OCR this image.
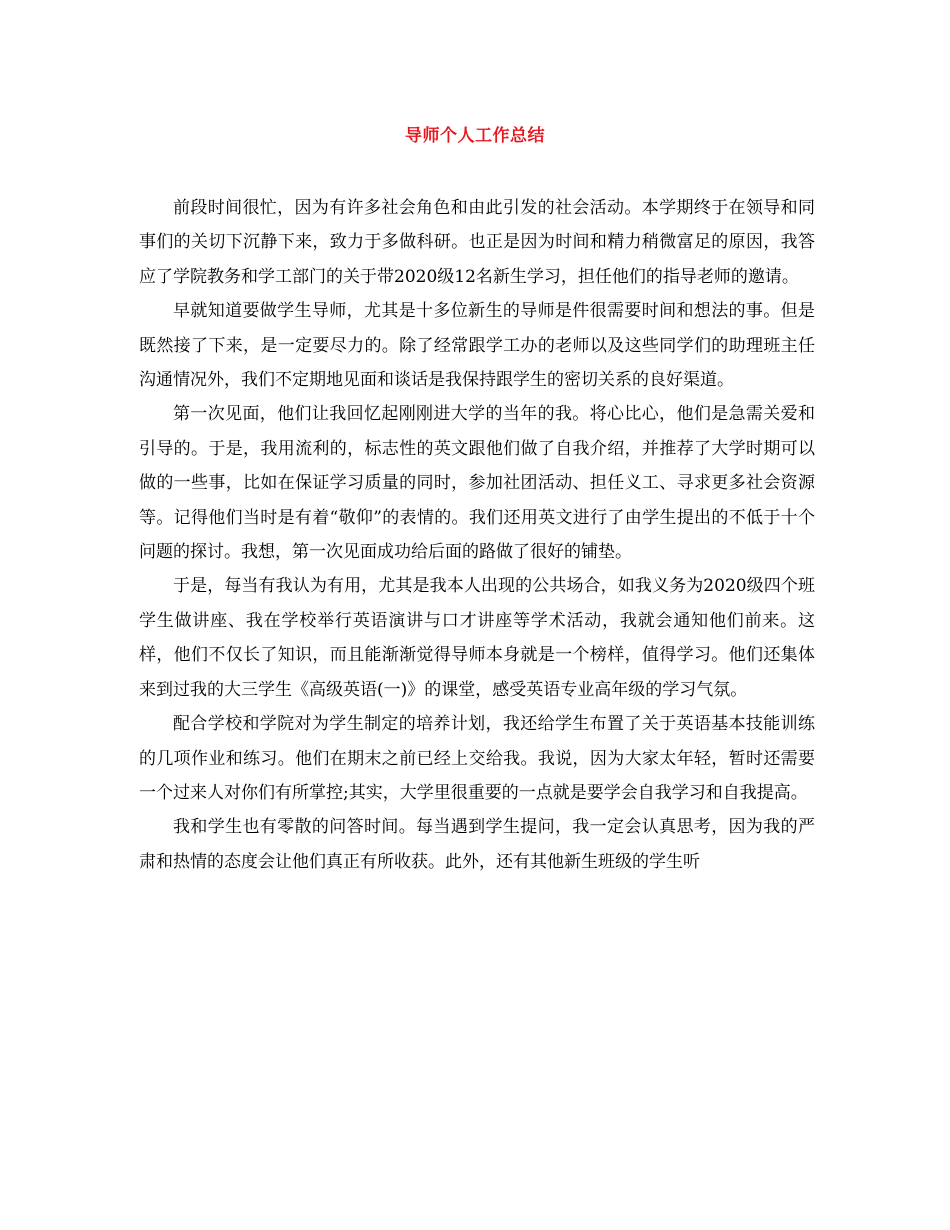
导师个人工作总结

前段时间很忙，因为有许多社会角色和由此引发的社会活动。本学期终于在领导和同事们的关切下沉静下来，致力于多做科研。也正是因为时间和精力稍微富足的原因，我答应了学院教务和学工部门的关于带2020级12名新生学习，担任他们的指导老师的邀请。

早就知道要做学生导师，尤其是十多位新生的导师是件很需要时间和想法的事。但是既然接了下来，是一定要尽力的。除了经常跟学工办的老师以及这些同学们的助理班主任沟通情况外，我们不定期地见面和谈话是我保持跟学生的密切关系的良好渠道。

第一次见面，他们让我回忆起刚刚进大学的当年的我。将心比心，他们是急需关爱和引导的。于是，我用流利的，标志性的英文跟他们做了自我介绍，并推荐了大学时期可以做的一些事，比如在保证学习质量的同时，参加社团活动、担任义工、寻求更多社会资源等。记得他们当时是有着“敬仰”的表情的。我们还用英文进行了由学生提出的不低于十个问题的探讨。我想，第一次见面成功给后面的路做了很好的铺垫。

于是，每当有我认为有用，尤其是我本人出现的公共场合，如我义务为2020级四个班学生做讲座、我在学校举行英语演讲与口才讲座等学术活动，我就会通知他们前来。这样，他们不仅长了知识，而且能渐渐觉得导师本身就是一个榜样，值得学习。他们还集体来到过我的大三学生《高级英语(一)》的课堂，感受英语专业高年级的学习气氛。

配合学校和学院对为学生制定的培养计划，我还给学生布置了关于英语基本技能训练的几项作业和练习。他们在期末之前已经上交给我。我说，因为大家太年轻，暂时还需要一个过来人对你们有所掌控;其实，大学里很重要的一点就是要学会自我学习和自我提高。

我和学生也有零散的问答时间。每当遇到学生提问，我一定会认真思考，因为我的严肃和热情的态度会让他们真正有所收获。此外，还有其他新生班级的学生听
